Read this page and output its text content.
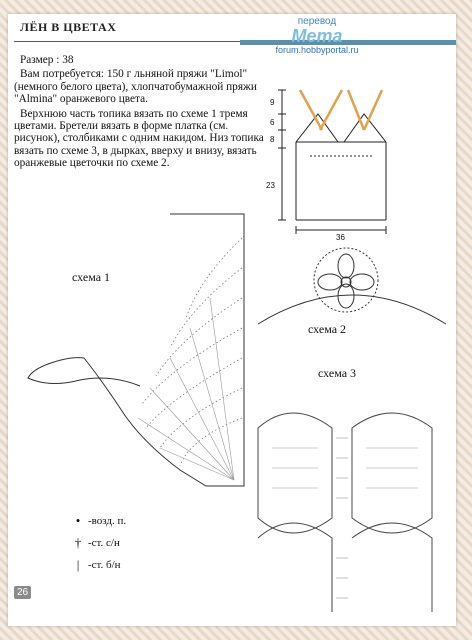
ЛЁН В ЦВЕТАХ	перевод
Мета
forum.hobbyportal.ru

Размер : 38

Вам потребуется: 150 г льняной пряжи "Limol" (немного белого цвета), хлопчатобумажной пряжи "Almina" оранжевого цвета.

Верхнюю часть топика вязать по схеме 1 тремя цветами. Бретели вязать в форме платка (см. рисунок), столбиками с одним накидом. Низ топика вязать по схеме 3, в дырках, вверху и внизу, вязать оранжевые цветочки по схеме 2.

9
6
8
23
36
схема 1
схема 2
схема 3
• -возд. п.
† -ст. с/н
| -ст. б/н
26
